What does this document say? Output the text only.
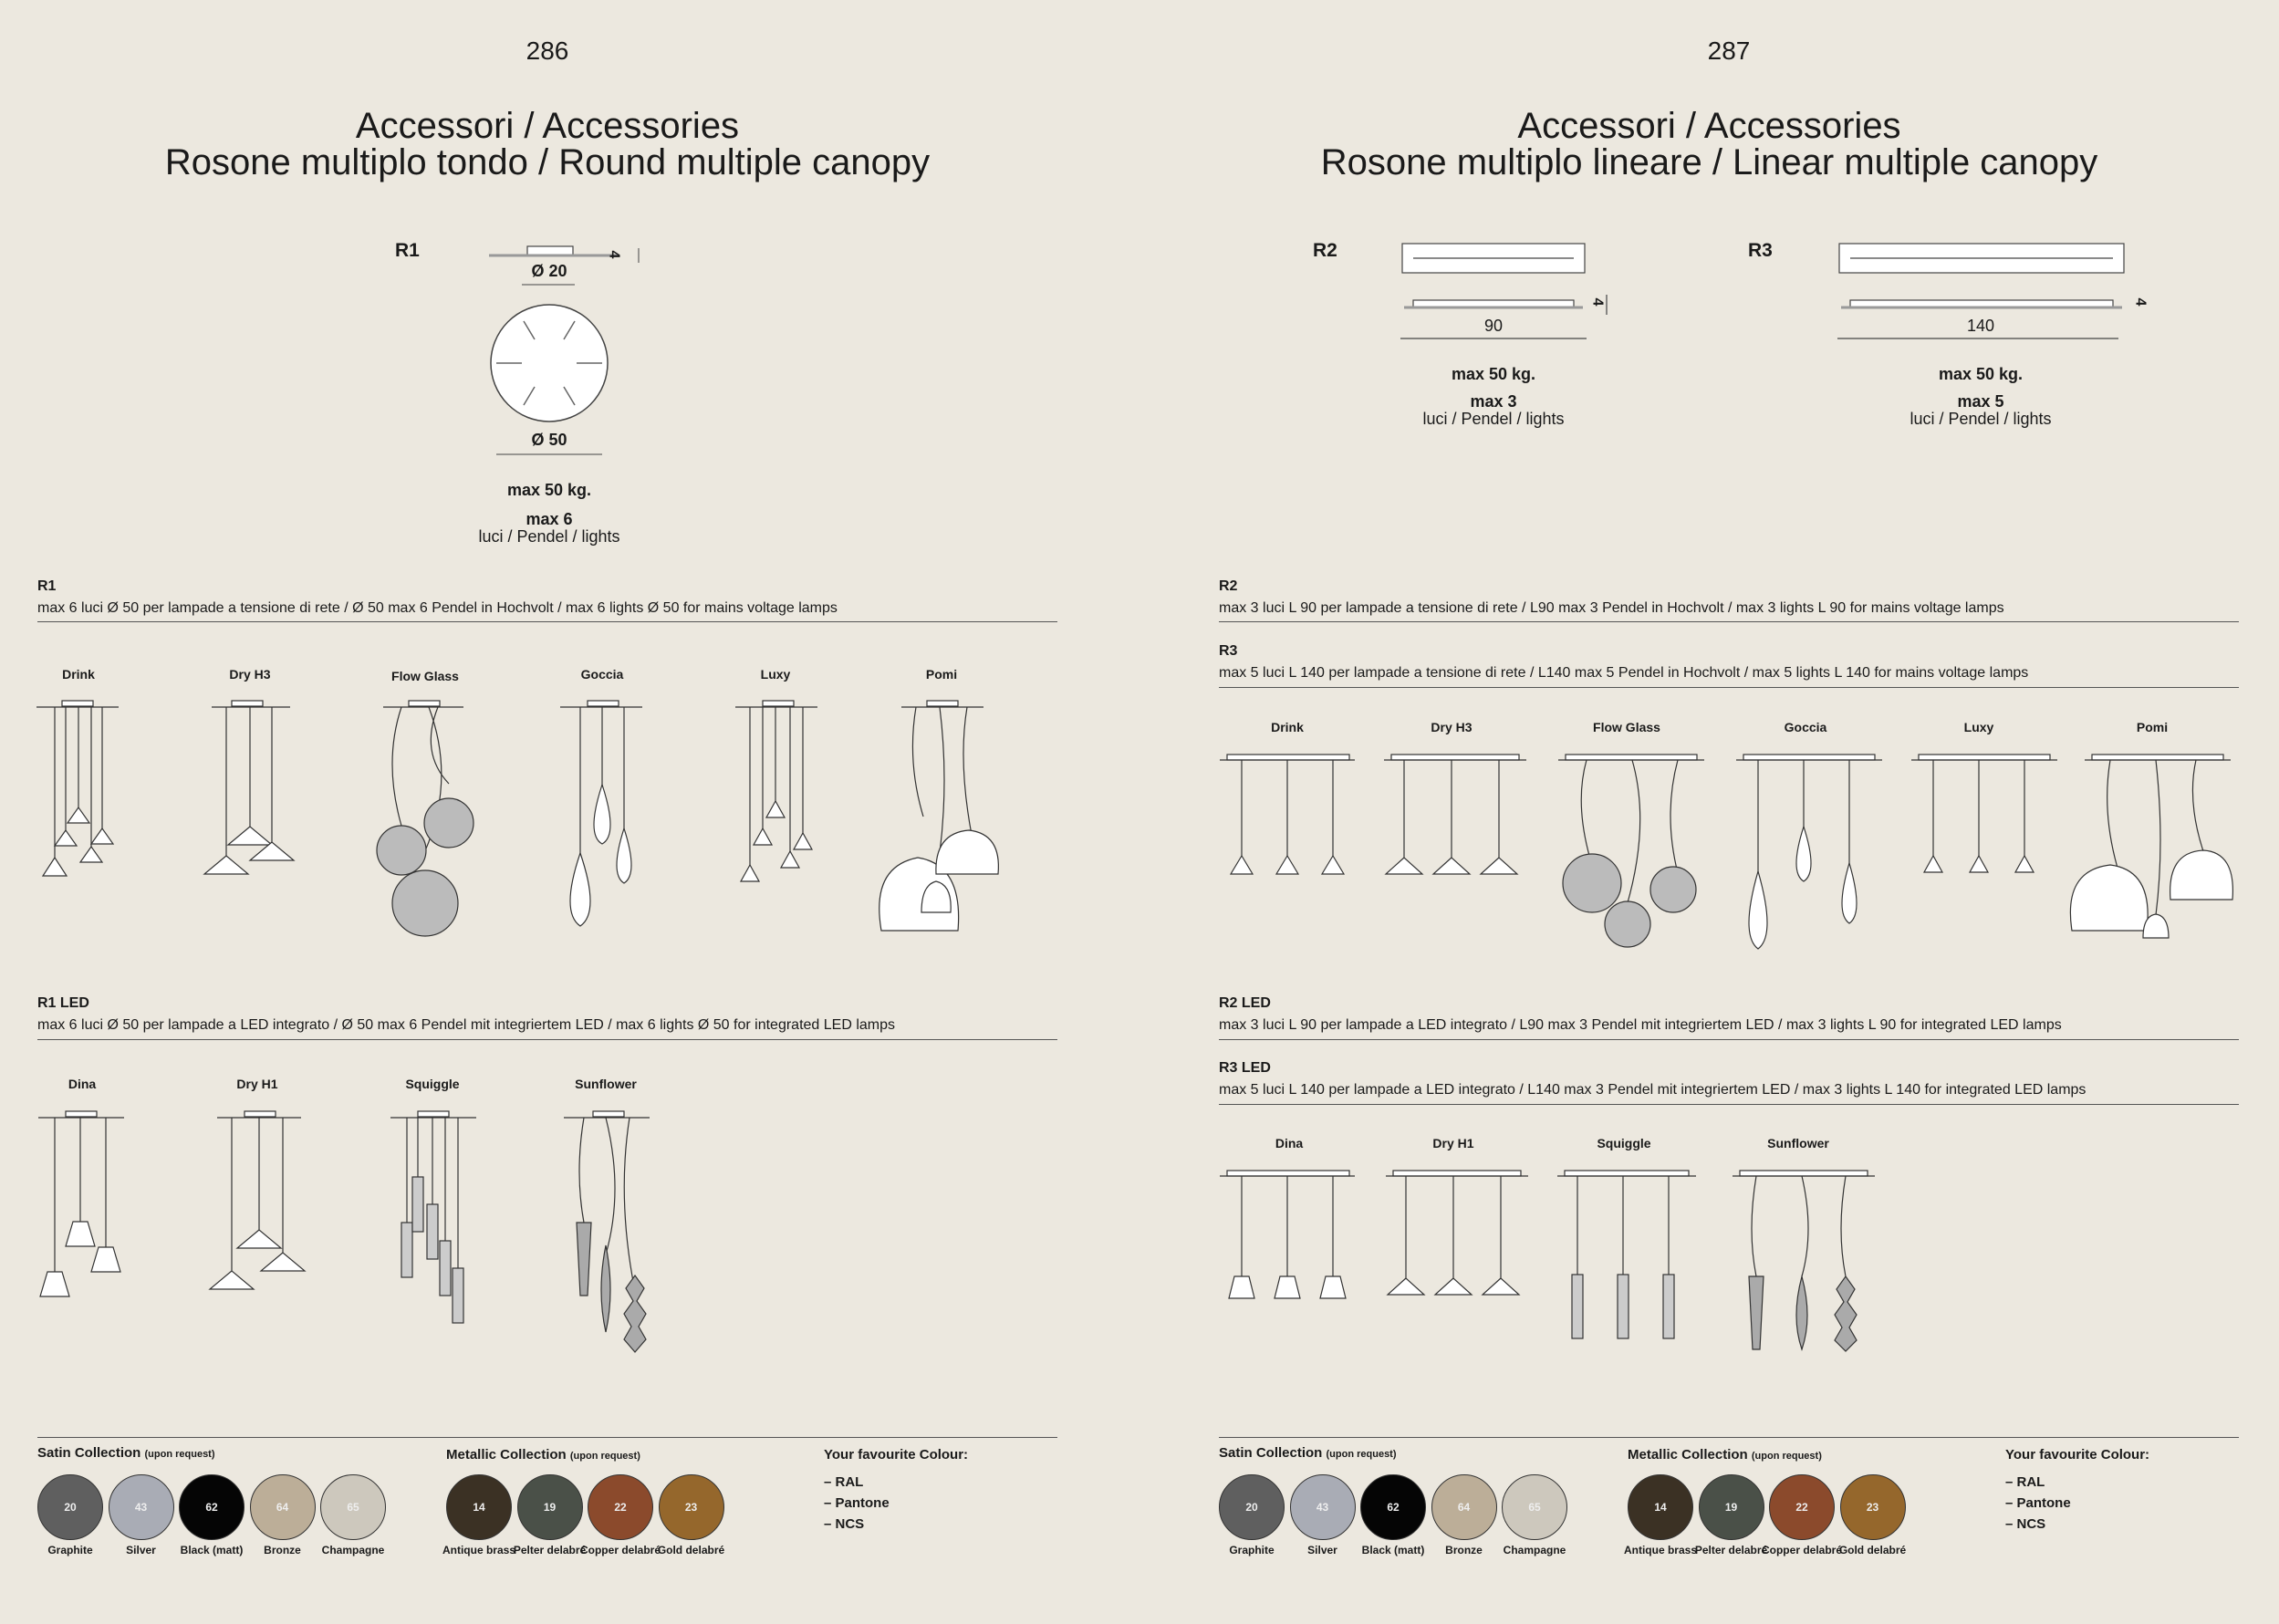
286
Accessori / Accessories
Rosone multiplo tondo / Round multiple canopy
R1	4
Ø 20
Ø 50
max 50 kg.
max 6
luci / Pendel / lights
R1
max 6 luci Ø 50 per lampade a tensione di rete / Ø 50 max 6 Pendel in Hochvolt / max 6 lights Ø 50 for mains voltage lamps
Drink	Dry H3	Flow Glass	Goccia	Luxy	Pomi
R1 LED
max 6 luci Ø 50 per lampade a LED integrato / Ø 50 max 6 Pendel mit integriertem LED / max 6 lights Ø 50 for integrated LED lamps
Dina	Dry H1	Squiggle	Sunflower
Satin Collection (upon request)	Metallic Collection (upon request)	Your favourite Colour:
– RAL
– Pantone
– NCS
20
Graphite
43
Silver
62
Black (matt)
64
Bronze
65
Champagne
14
Antique brass
19
Pelter delabré
22
Copper delabré
23
Gold delabré
287
Accessori / Accessories
Rosone multiplo lineare / Linear multiple canopy
R2	R3
4	4
90	140
max 50 kg.
max 3
luci / Pendel / lights
max 50 kg.
max 5
luci / Pendel / lights
R2
max 3 luci L 90 per lampade a tensione di rete / L90 max 3 Pendel in Hochvolt / max 3 lights L 90 for mains voltage lamps
R3
max 5 luci L 140 per lampade a tensione di rete / L140 max 5 Pendel in Hochvolt / max 5 lights L 140 for mains voltage lamps
Drink	Dry H3	Flow Glass	Goccia	Luxy	Pomi
R2 LED
max 3 luci L 90 per lampade a LED integrato / L90 max 3 Pendel mit integriertem LED / max 3 lights L 90 for integrated LED lamps
R3 LED
max 5 luci L 140 per lampade a LED integrato / L140 max 3 Pendel mit integriertem LED / max 3 lights L 140 for integrated LED lamps
Dina	Dry H1	Squiggle	Sunflower
Satin Collection (upon request)	Metallic Collection (upon request)	Your favourite Colour:
– RAL
– Pantone
– NCS
20
Graphite
43
Silver
62
Black (matt)
64
Bronze
65
Champagne
14
Antique brass
19
Pelter delabré
22
Copper delabré
23
Gold delabré
